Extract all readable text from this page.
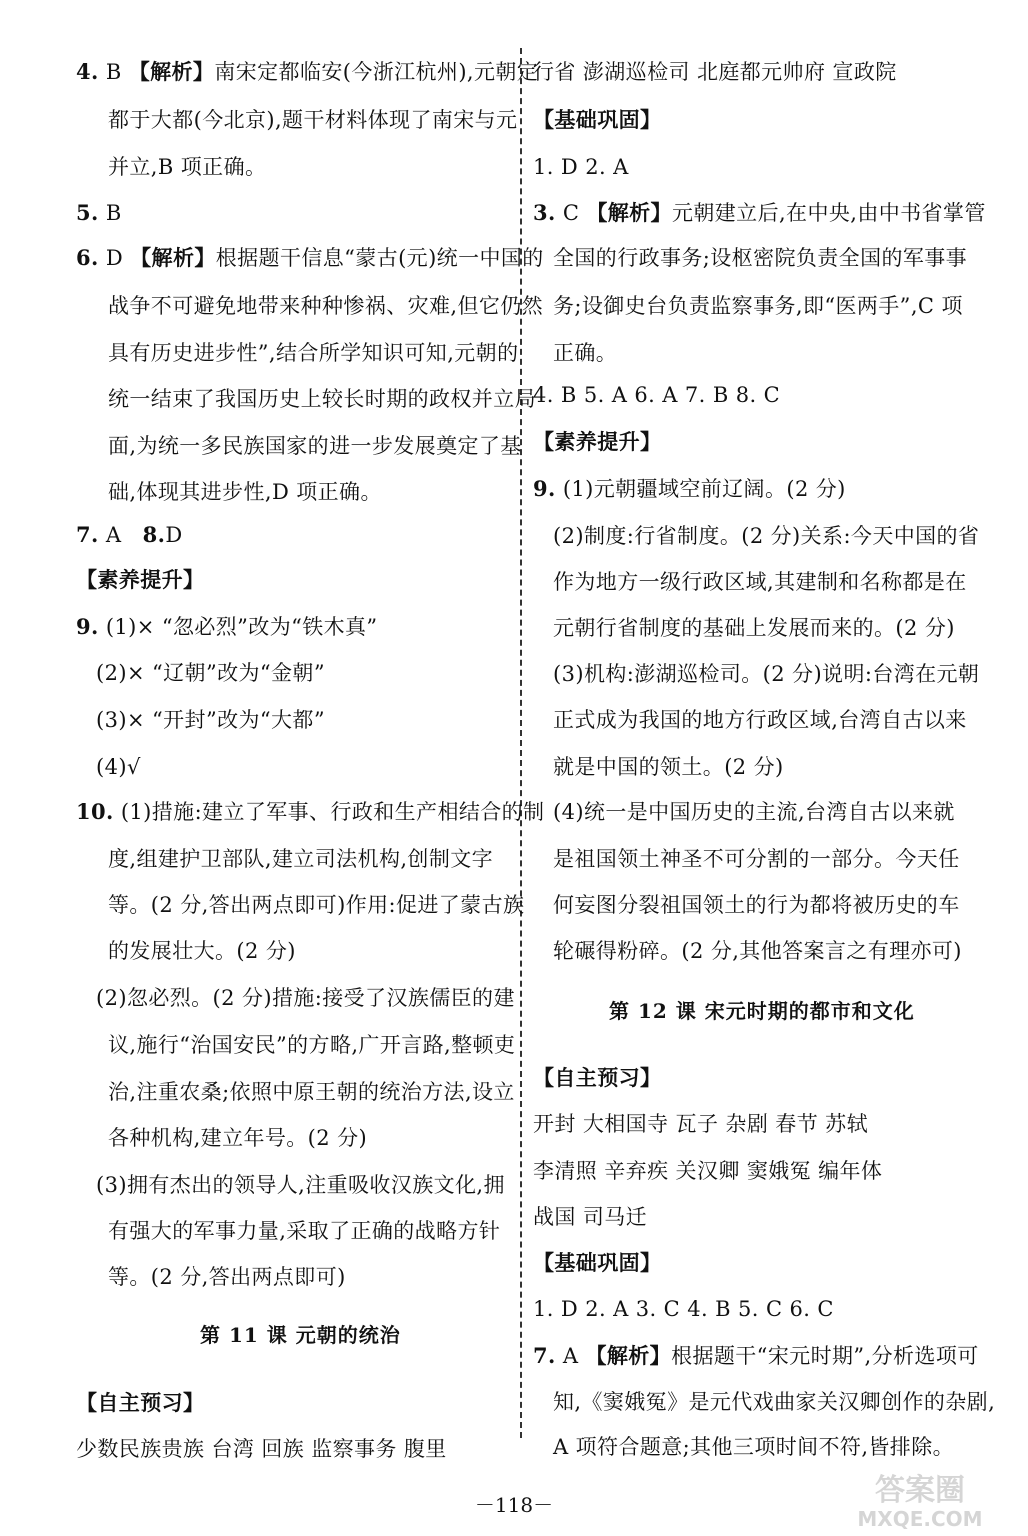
4. B 【解析】南宋定都临安(今浙江杭州),元朝定
都于大都(今北京),题干材料体现了南宋与元
并立,B 项正确。
5. B
6. D 【解析】根据题干信息“蒙古(元)统一中国的
战争不可避免地带来种种惨祸、灾难,但它仍然
具有历史进步性”,结合所学知识可知,元朝的
统一结束了我国历史上较长时期的政权并立局
面,为统一多民族国家的进一步发展奠定了基
础,体现其进步性,D 项正确。
7. A 8.D
【素养提升】
9. (1)× “忽必烈”改为“铁木真”
(2)× “辽朝”改为“金朝”
(3)× “开封”改为“大都”
(4)√
10. (1)措施:建立了军事、行政和生产相结合的制
度,组建护卫部队,建立司法机构,创制文字
等。(2 分,答出两点即可)作用:促进了蒙古族
的发展壮大。(2 分)
(2)忽必烈。(2 分)措施:接受了汉族儒臣的建
议,施行“治国安民”的方略,广开言路,整顿吏
治,注重农桑;依照中原王朝的统治方法,设立
各种机构,建立年号。(2 分)
(3)拥有杰出的领导人,注重吸收汉族文化,拥
有强大的军事力量,采取了正确的战略方针
等。(2 分,答出两点即可)
第 11 课 元朝的统治
【自主预习】
少数民族贵族 台湾 回族 监察事务 腹里
行省 澎湖巡检司 北庭都元帅府 宣政院
【基础巩固】
1. D 2. A
3. C 【解析】元朝建立后,在中央,由中书省掌管
全国的行政事务;设枢密院负责全国的军事事
务;设御史台负责监察事务,即“医两手”,C 项
正确。
4. B 5. A 6. A 7. B 8. C
【素养提升】
9. (1)元朝疆域空前辽阔。(2 分)
(2)制度:行省制度。(2 分)关系:今天中国的省
作为地方一级行政区域,其建制和名称都是在
元朝行省制度的基础上发展而来的。(2 分)
(3)机构:澎湖巡检司。(2 分)说明:台湾在元朝
正式成为我国的地方行政区域,台湾自古以来
就是中国的领土。(2 分)
(4)统一是中国历史的主流,台湾自古以来就
是祖国领土神圣不可分割的一部分。今天任
何妄图分裂祖国领土的行为都将被历史的车
轮碾得粉碎。(2 分,其他答案言之有理亦可)
第 12 课 宋元时期的都市和文化
【自主预习】
开封 大相国寺 瓦子 杂剧 春节 苏轼
李清照 辛弃疾 关汉卿 窦娥冤 编年体
战国 司马迁
【基础巩固】
1. D 2. A 3. C 4. B 5. C 6. C
7. A 【解析】根据题干“宋元时期”,分析选项可
知,《窦娥冤》是元代戏曲家关汉卿创作的杂剧,
A 项符合题意;其他三项时间不符,皆排除。
－118－	答案圈
MXQE.COM
